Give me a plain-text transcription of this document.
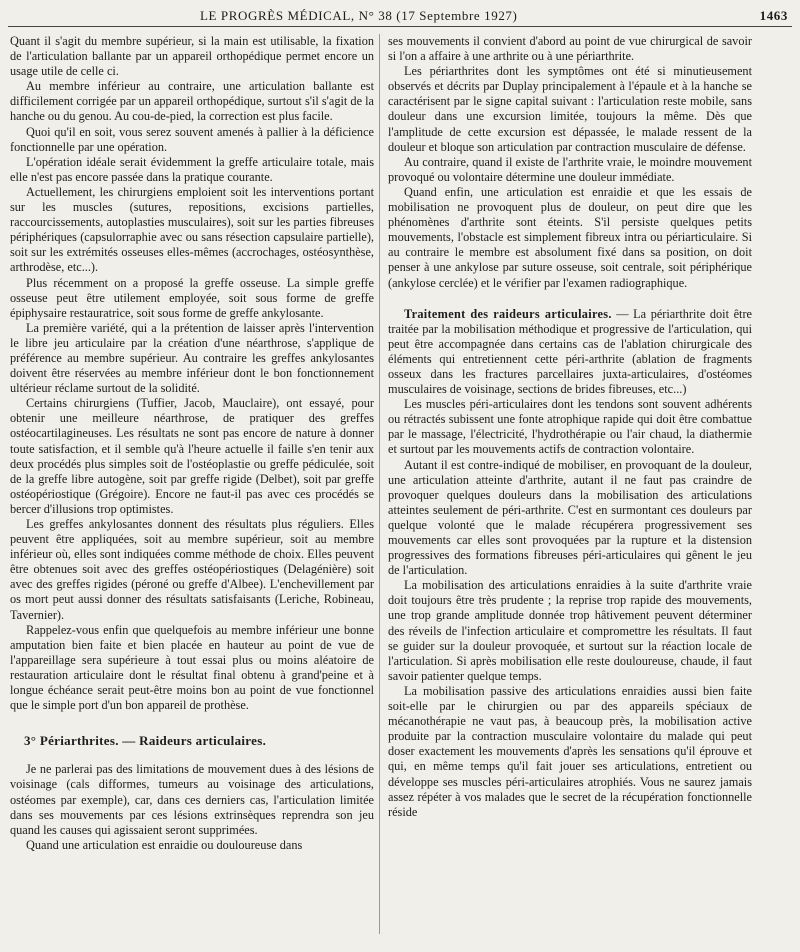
LE PROGRÈS MÉDICAL, N° 38 (17 Septembre 1927)	1463

Quant il s'agit du membre supérieur, si la main est utilisable, la fixation de l'articulation ballante par un appareil orthopédique permet encore un usage utile de celle ci.

Au membre inférieur au contraire, une articulation ballante est difficilement corrigée par un appareil orthopédique, surtout s'il s'agit de la hanche ou du genou. Au cou-de-pied, la correction est plus facile.

Quoi qu'il en soit, vous serez souvent amenés à pallier à la déficience fonctionnelle par une opération.

L'opération idéale serait évidemment la greffe articulaire totale, mais elle n'est pas encore passée dans la pratique courante.

Actuellement, les chirurgiens emploient soit les interventions portant sur les muscles (sutures, repositions, excisions partielles, raccourcissements, autoplasties musculaires), soit sur les parties fibreuses périphériques (capsulorraphie avec ou sans résection capsulaire partielle), soit sur les extrémités osseuses elles-mêmes (accrochages, ostéosynthèse, arthrodèse, etc...).

Plus récemment on a proposé la greffe osseuse. La simple greffe osseuse peut être utilement employée, soit sous forme de greffe épiphysaire restauratrice, soit sous forme de greffe ankylosante.

La première variété, qui a la prétention de laisser après l'intervention le libre jeu articulaire par la création d'une néarthrose, s'applique de préférence au membre supérieur. Au contraire les greffes ankylosantes doivent être réservées au membre inférieur dont le bon fonctionnement ultérieur réclame surtout de la solidité.

Certains chirurgiens (Tuffier, Jacob, Mauclaire), ont essayé, pour obtenir une meilleure néarthrose, de pratiquer des greffes ostéocartilagineuses. Les résultats ne sont pas encore de nature à donner toute satisfaction, et il semble qu'à l'heure actuelle il faille s'en tenir aux deux procédés plus simples soit de l'ostéoplastie ou greffe pédiculée, soit de la greffe libre autogène, soit par greffe rigide (Delbet), soit par greffe ostéopériostique (Grégoire). Encore ne faut-il pas avec ces procédés se bercer d'illusions trop optimistes.

Les greffes ankylosantes donnent des résultats plus réguliers. Elles peuvent être appliquées, soit au membre supérieur, soit au membre inférieur où, elles sont indiquées comme méthode de choix. Elles peuvent être obtenues soit avec des greffes ostéopériostiques (Delagénière) soit avec des greffes rigides (péroné ou greffe d'Albee). L'enchevillement par os mort peut aussi donner des résultats satisfaisants (Leriche, Robineau, Tavernier).

Rappelez-vous enfin que quelquefois au membre inférieur une bonne amputation bien faite et bien placée en hauteur au point de vue de l'appareillage sera supérieure à tout essai plus ou moins aléatoire de restauration articulaire dont le résultat final obtenu à grand'peine et à longue échéance serait peut-être moins bon au point de vue fonctionnel que le simple port d'un bon appareil de prothèse.

3° Périarthrites. — Raideurs articulaires.

Je ne parlerai pas des limitations de mouvement dues à des lésions de voisinage (cals difformes, tumeurs au voisinage des articulations, ostéomes par exemple), car, dans ces derniers cas, l'articulation limitée dans ses mouvements par ces lésions extrinsèques reprendra son jeu quand les causes qui agissaient seront supprimées.

Quand une articulation est enraidie ou douloureuse dans

ses mouvements il convient d'abord au point de vue chirurgical de savoir si l'on a affaire à une arthrite ou à une périarthrite.

Les périarthrites dont les symptômes ont été si minutieusement observés et décrits par Duplay principalement à l'épaule et à la hanche se caractérisent par le signe capital suivant : l'articulation reste mobile, sans douleur dans une excursion limitée, toujours la même. Dès que l'amplitude de cette excursion est dépassée, le malade ressent de la douleur et bloque son articulation par contraction musculaire de défense.

Au contraire, quand il existe de l'arthrite vraie, le moindre mouvement provoqué ou volontaire détermine une douleur immédiate.

Quand enfin, une articulation est enraidie et que les essais de mobilisation ne provoquent plus de douleur, on peut dire que les phénomènes d'arthrite sont éteints. S'il persiste quelques petits mouvements, l'obstacle est simplement fibreux intra ou périarticulaire. Si au contraire le membre est absolument fixé dans sa position, on doit penser à une ankylose par suture osseuse, soit centrale, soit périphérique (ankylose cerclée) et le vérifier par l'examen radiographique.

Traitement des raideurs articulaires. — La périarthrite doit être traitée par la mobilisation méthodique et progressive de l'articulation, qui peut être accompagnée dans certains cas de l'ablation chirurgicale des éléments qui entretiennent cette péri-arthrite (ablation de fragments osseux dans les fractures parcellaires juxta-articulaires, d'ostéomes musculaires de voisinage, sections de brides fibreuses, etc...)

Les muscles péri-articulaires dont les tendons sont souvent adhérents ou rétractés subissent une fonte atrophique rapide qui doit être combattue par le massage, l'électricité, l'hydrothérapie ou l'air chaud, la diathermie et surtout par les mouvements actifs de contraction volontaire.

Autant il est contre-indiqué de mobiliser, en provoquant de la douleur, une articulation atteinte d'arthrite, autant il ne faut pas craindre de provoquer quelques douleurs dans la mobilisation des articulations atteintes seulement de péri-arthrite. C'est en surmontant ces douleurs par quelque volonté que le malade récupérera progressivement ses mouvements car elles sont provoquées par la rupture et la distension progressives des formations fibreuses péri-articulaires qui gênent le jeu de l'articulation.

La mobilisation des articulations enraidies à la suite d'arthrite vraie doit toujours être très prudente ; la reprise trop rapide des mouvements, une trop grande amplitude donnée trop hâtivement peuvent déterminer des réveils de l'infection articulaire et compromettre les résultats. Il faut se guider sur la douleur provoquée, et surtout sur la réaction locale de l'articulation. Si après mobilisation elle reste douloureuse, chaude, il faut savoir patienter quelque temps.

La mobilisation passive des articulations enraidies aussi bien faite soit-elle par le chirurgien ou par des appareils spéciaux de mécanothérapie ne vaut pas, à beaucoup près, la mobilisation active produite par la contraction musculaire volontaire du malade qui peut doser exactement les mouvements d'après les sensations qu'il éprouve et qui, en même temps qu'il fait jouer ses articulations, entretient ou développe ses muscles péri-articulaires atrophiés. Vous ne saurez jamais assez répéter à vos malades que le secret de la récupération fonctionnelle réside
